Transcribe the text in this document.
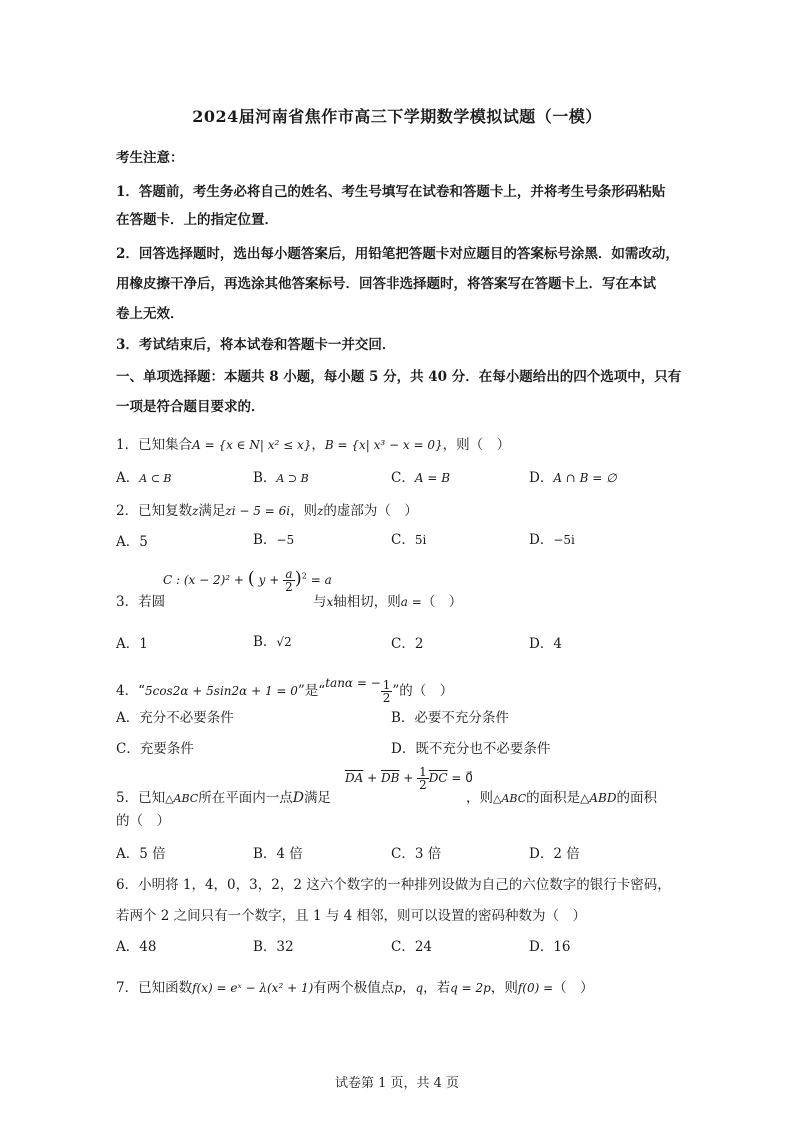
2024届河南省焦作市高三下学期数学模拟试题（一模）
考生注意：
1．答题前，考生务必将自己的姓名、考生号填写在试卷和答题卡上，并将考生号条形码粘贴
在答题卡．上的指定位置．
2．回答选择题时，选出每小题答案后，用铅笔把答题卡对应题目的答案标号涂黑．如需改动，
用橡皮擦干净后，再选涂其他答案标号．回答非选择题时，将答案写在答题卡上．写在本试
卷上无效．
3．考试结束后，将本试卷和答题卡一并交回．
一、单项选择题：本题共 8 小题，每小题 5 分，共 40 分．在每小题给出的四个选项中，只有
一项是符合题目要求的．
1．已知集合A = {x ∈ N| x² ≤ x}，B = {x| x³ − x = 0}，则（　）
A．A ⊂ B	B．A ⊃ B	C．A = B	D．A ∩ B = ∅
2．已知复数z满足zi − 5 = 6i，则z的虚部为（　）
A．5	B．−5	C．5i	D．−5i
3．若圆
C : (x − 2)² + ( $y + \frac{a}{2} )^2 = a$
与x轴相切，则a =（　）
A．1	B．√2	C．2	D．4
4．“5cos2α + 5sin2α + 1 = 0”是“tanα = − $\frac{1}{2}$ ”的（　）
A．充分不必要条件	B．必要不充分条件
C．充要条件	D．既不充分也不必要条件
5．已知△ABC所在平面内一点D满足
$\overline{DA} + \overline{DB} + \frac{1}{2} \overline{DC}$ = 0⃗
，则△ABC的面积是△ABD的面积
的（　）
A．5 倍	B．4 倍	C．3 倍	D．2 倍
6．小明将 1，4，0，3，2，2 这六个数字的一种排列设做为自己的六位数字的银行卡密码，
若两个 2 之间只有一个数字，且 1 与 4 相邻，则可以设置的密码种数为（　）
A．48	B．32	C．24	D．16
7．已知函数f(x) = eˣ − λ(x² + 1)有两个极值点p，q，若q = 2p，则f(0) =（　）
试卷第 1 页，共 4 页
